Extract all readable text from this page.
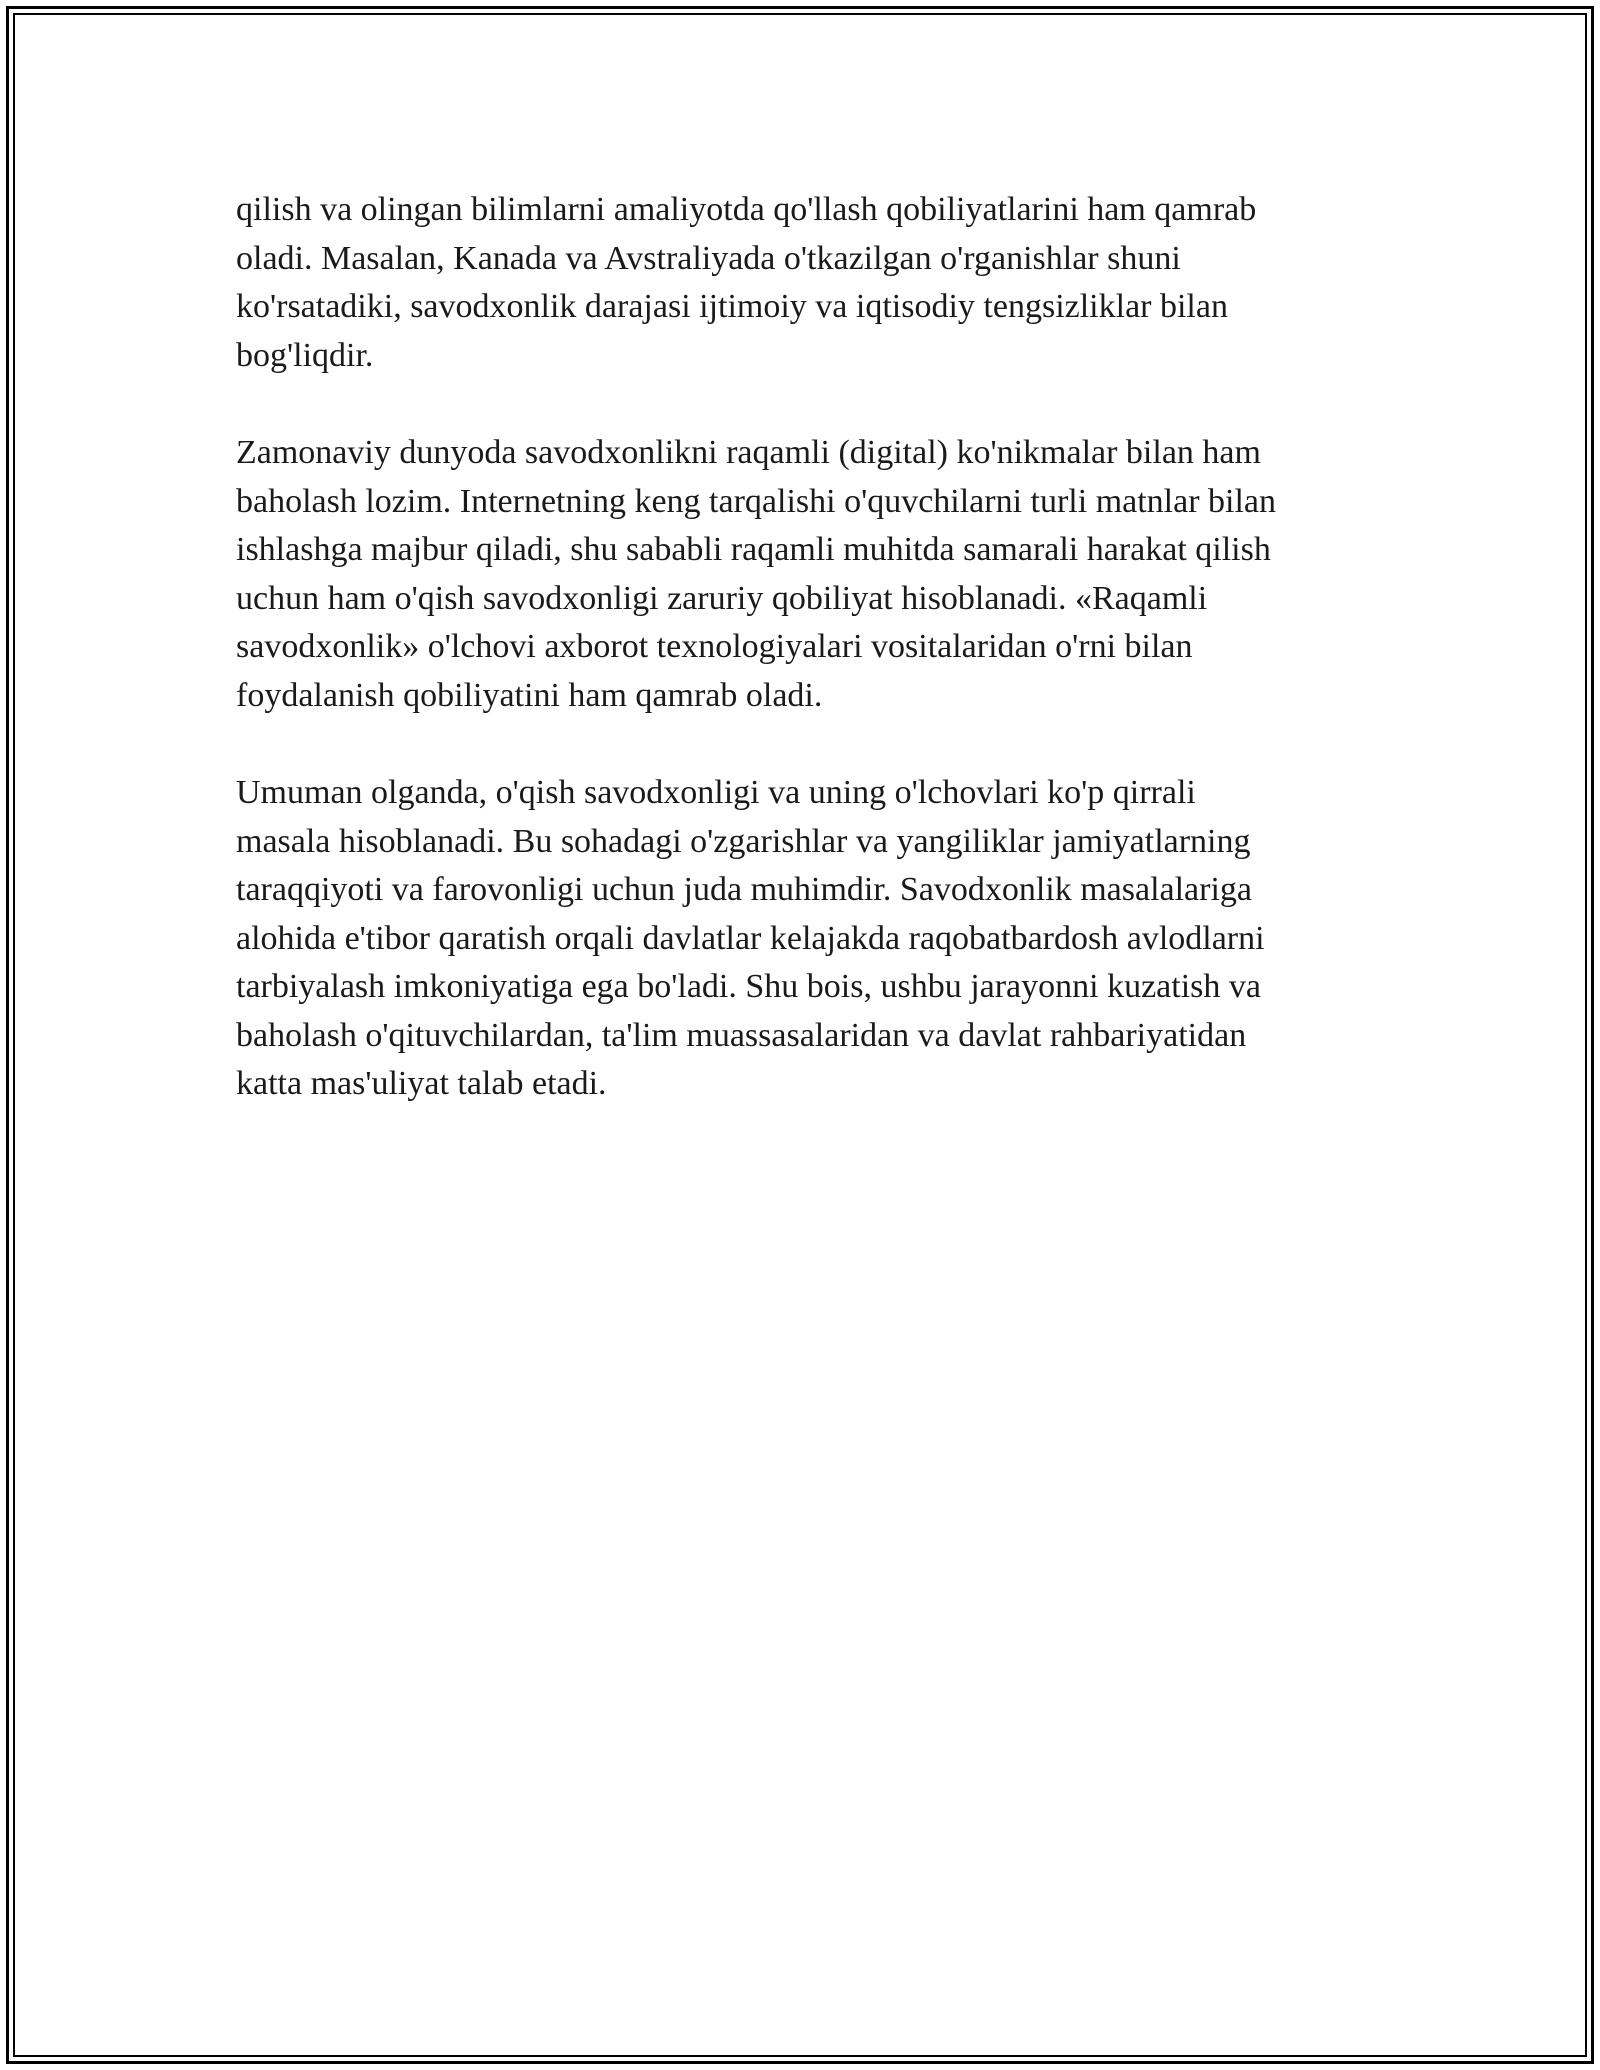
qilish va olingan bilimlarni amaliyotda qo'llash qobiliyatlarini ham qamrab
oladi. Masalan, Kanada va Avstraliyada o'tkazilgan o'rganishlar shuni
ko'rsatadiki, savodxonlik darajasi ijtimoiy va iqtisodiy tengsizliklar bilan
bog'liqdir.
Zamonaviy dunyoda savodxonlikni raqamli (digital) ko'nikmalar bilan ham
baholash lozim. Internetning keng tarqalishi o'quvchilarni turli matnlar bilan
ishlashga majbur qiladi, shu sababli raqamli muhitda samarali harakat qilish
uchun ham o'qish savodxonligi zaruriy qobiliyat hisoblanadi. «Raqamli
savodxonlik» o'lchovi axborot texnologiyalari vositalaridan o'rni bilan
foydalanish qobiliyatini ham qamrab oladi.
Umuman olganda, o'qish savodxonligi va uning o'lchovlari ko'p qirrali
masala hisoblanadi. Bu sohadagi o'zgarishlar va yangiliklar jamiyatlarning
taraqqiyoti va farovonligi uchun juda muhimdir. Savodxonlik masalalariga
alohida e'tibor qaratish orqali davlatlar kelajakda raqobatbardosh avlodlarni
tarbiyalash imkoniyatiga ega bo'ladi. Shu bois, ushbu jarayonni kuzatish va
baholash o'qituvchilardan, ta'lim muassasalaridan va davlat rahbariyatidan
katta mas'uliyat talab etadi.
